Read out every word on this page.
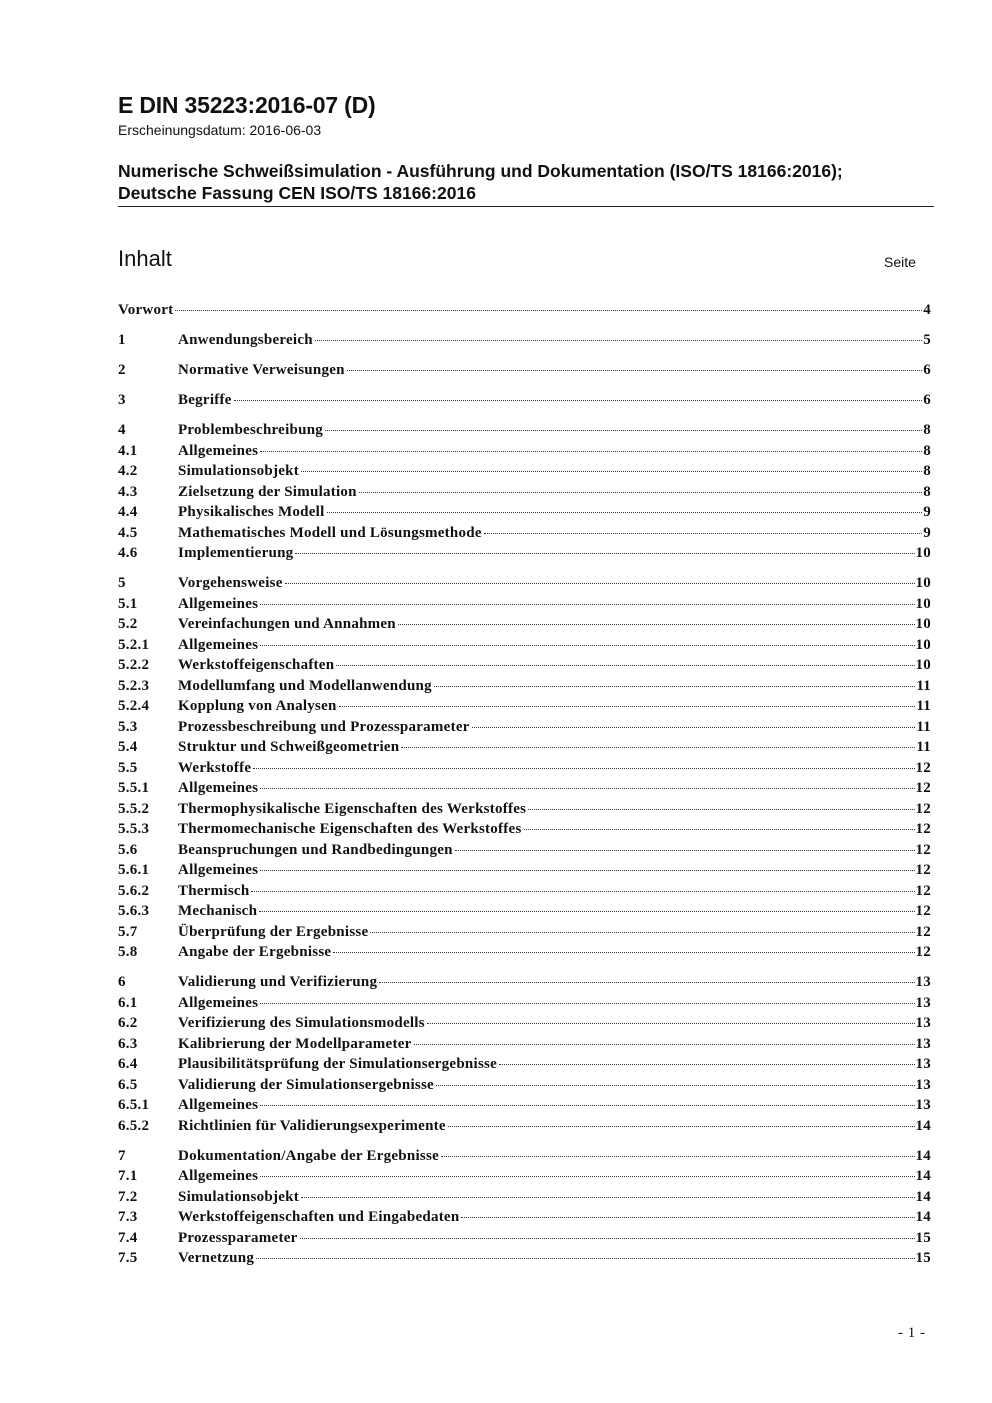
E DIN 35223:2016-07 (D)
Erscheinungsdatum: 2016-06-03
Numerische Schweißsimulation - Ausführung und Dokumentation (ISO/TS 18166:2016); Deutsche Fassung CEN ISO/TS 18166:2016
Inhalt	Seite
Vorwort	4
1	Anwendungsbereich	5
2	Normative Verweisungen	6
3	Begriffe	6
4	Problembeschreibung	8
4.1	Allgemeines	8
4.2	Simulationsobjekt	8
4.3	Zielsetzung der Simulation	8
4.4	Physikalisches Modell	9
4.5	Mathematisches Modell und Lösungsmethode	9
4.6	Implementierung	10
5	Vorgehensweise	10
5.1	Allgemeines	10
5.2	Vereinfachungen und Annahmen	10
5.2.1	Allgemeines	10
5.2.2	Werkstoffeigenschaften	10
5.2.3	Modellumfang und Modellanwendung	11
5.2.4	Kopplung von Analysen	11
5.3	Prozessbeschreibung und Prozessparameter	11
5.4	Struktur und Schweißgeometrien	11
5.5	Werkstoffe	12
5.5.1	Allgemeines	12
5.5.2	Thermophysikalische Eigenschaften des Werkstoffes	12
5.5.3	Thermomechanische Eigenschaften des Werkstoffes	12
5.6	Beanspruchungen und Randbedingungen	12
5.6.1	Allgemeines	12
5.6.2	Thermisch	12
5.6.3	Mechanisch	12
5.7	Überprüfung der Ergebnisse	12
5.8	Angabe der Ergebnisse	12
6	Validierung und Verifizierung	13
6.1	Allgemeines	13
6.2	Verifizierung des Simulationsmodells	13
6.3	Kalibrierung der Modellparameter	13
6.4	Plausibilitätsprüfung der Simulationsergebnisse	13
6.5	Validierung der Simulationsergebnisse	13
6.5.1	Allgemeines	13
6.5.2	Richtlinien für Validierungsexperimente	14
7	Dokumentation/Angabe der Ergebnisse	14
7.1	Allgemeines	14
7.2	Simulationsobjekt	14
7.3	Werkstoffeigenschaften und Eingabedaten	14
7.4	Prozessparameter	15
7.5	Vernetzung	15
- 1 -
